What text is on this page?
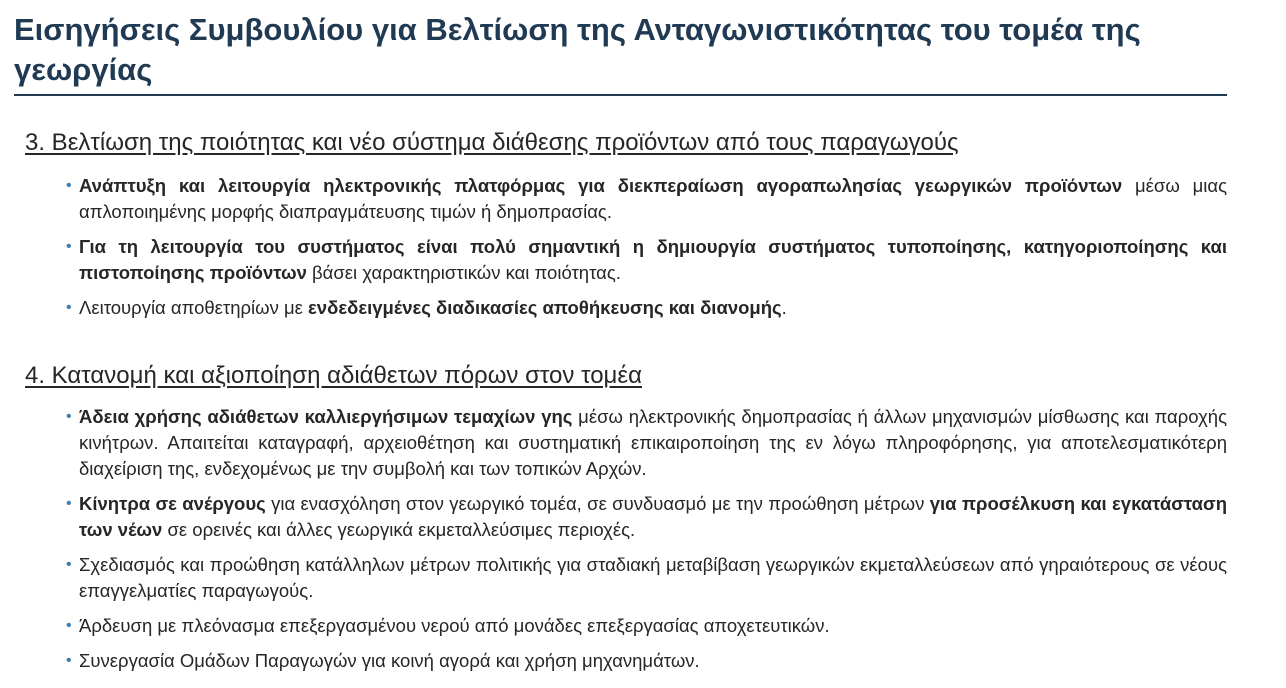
Εισηγήσεις Συμβουλίου για Βελτίωση της Ανταγωνιστικότητας του τομέα της γεωργίας
3. Βελτίωση της ποιότητας και νέο σύστημα διάθεσης προϊόντων από τους παραγωγούς
• Ανάπτυξη και λειτουργία ηλεκτρονικής πλατφόρμας για διεκπεραίωση αγοραπωλησίας γεωργικών προϊόντων μέσω μιας απλοποιημένης μορφής διαπραγμάτευσης τιμών ή δημοπρασίας.
• Για τη λειτουργία του συστήματος είναι πολύ σημαντική η δημιουργία συστήματος τυποποίησης, κατηγοριοποίησης και πιστοποίησης προϊόντων βάσει χαρακτηριστικών και ποιότητας.
• Λειτουργία αποθετηρίων με ενδεδειγμένες διαδικασίες αποθήκευσης και διανομής.
4. Κατανομή και αξιοποίηση αδιάθετων πόρων στον τομέα
• Άδεια χρήσης αδιάθετων καλλιεργήσιμων τεμαχίων γης μέσω ηλεκτρονικής δημοπρασίας ή άλλων μηχανισμών μίσθωσης και παροχής κινήτρων. Απαιτείται καταγραφή, αρχειοθέτηση και συστηματική επικαιροποίηση της εν λόγω πληροφόρησης, για αποτελεσματικότερη διαχείριση της, ενδεχομένως με την συμβολή και των τοπικών Αρχών.
• Κίνητρα σε ανέργους για ενασχόληση στον γεωργικό τομέα, σε συνδυασμό με την προώθηση μέτρων για προσέλκυση και εγκατάσταση των νέων σε ορεινές και άλλες γεωργικά εκμεταλλεύσιμες περιοχές.
• Σχεδιασμός και προώθηση κατάλληλων μέτρων πολιτικής για σταδιακή μεταβίβαση γεωργικών εκμεταλλεύσεων από γηραιότερους σε νέους επαγγελματίες παραγωγούς.
• Άρδευση με πλεόνασμα επεξεργασμένου νερού από μονάδες επεξεργασίας αποχετευτικών.
• Συνεργασία Ομάδων Παραγωγών για κοινή αγορά και χρήση μηχανημάτων.
